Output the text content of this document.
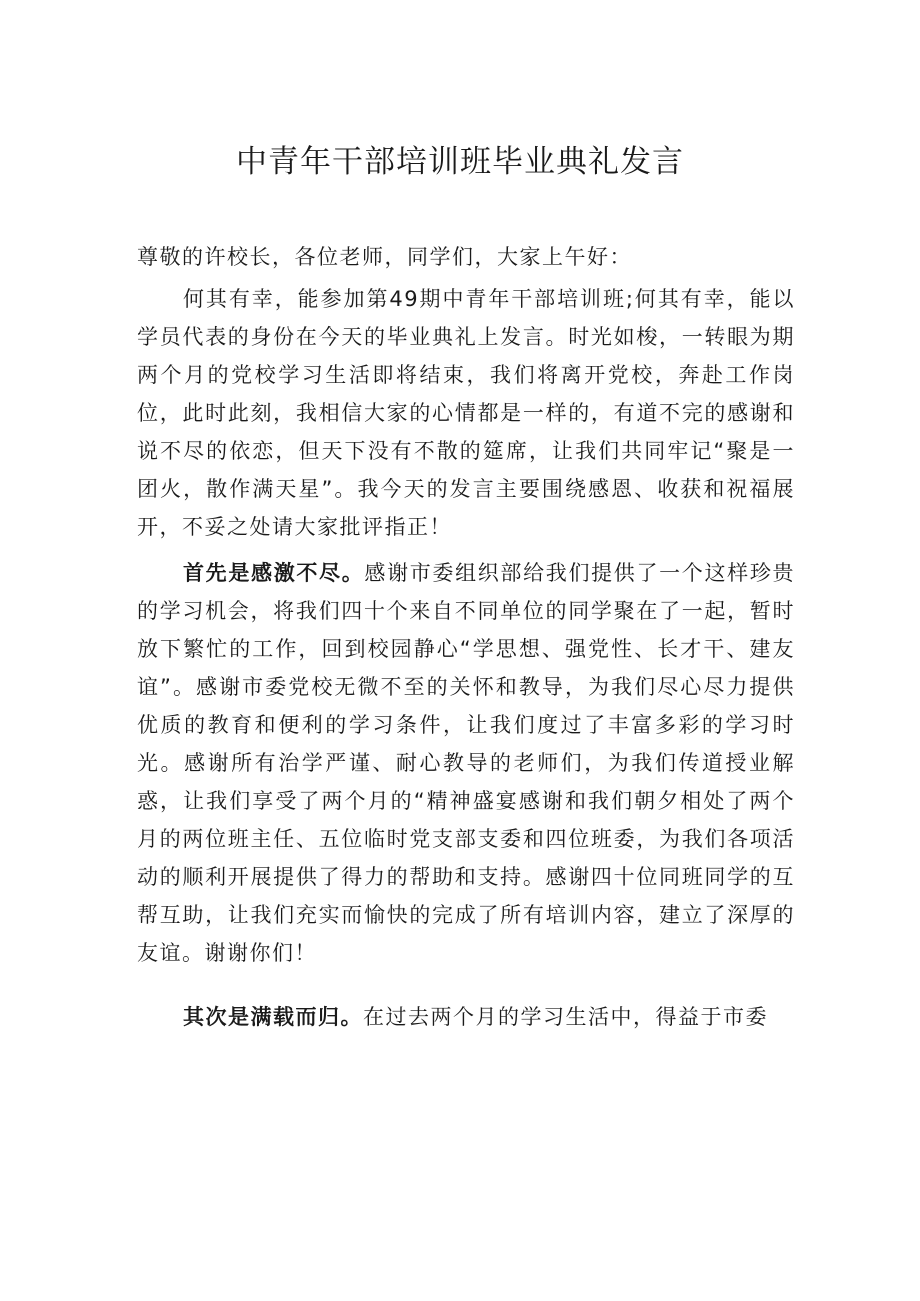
中青年干部培训班毕业典礼发言

尊敬的许校长，各位老师，同学们，大家上午好：

何其有幸，能参加第49期中青年干部培训班;何其有幸，能以学员代表的身份在今天的毕业典礼上发言。时光如梭，一转眼为期两个月的党校学习生活即将结束，我们将离开党校，奔赴工作岗位，此时此刻，我相信大家的心情都是一样的，有道不完的感谢和说不尽的依恋，但天下没有不散的筵席，让我们共同牢记“聚是一团火，散作满天星”。我今天的发言主要围绕感恩、收获和祝福展开，不妥之处请大家批评指正！

首先是感激不尽。感谢市委组织部给我们提供了一个这样珍贵的学习机会，将我们四十个来自不同单位的同学聚在了一起，暂时放下繁忙的工作，回到校园静心“学思想、强党性、长才干、建友谊”。感谢市委党校无微不至的关怀和教导，为我们尽心尽力提供优质的教育和便利的学习条件，让我们度过了丰富多彩的学习时光。感谢所有治学严谨、耐心教导的老师们，为我们传道授业解惑，让我们享受了两个月的“精神盛宴感谢和我们朝夕相处了两个月的两位班主任、五位临时党支部支委和四位班委，为我们各项活动的顺利开展提供了得力的帮助和支持。感谢四十位同班同学的互帮互助，让我们充实而愉快的完成了所有培训内容，建立了深厚的友谊。谢谢你们！

其次是满载而归。在过去两个月的学习生活中，得益于市委
